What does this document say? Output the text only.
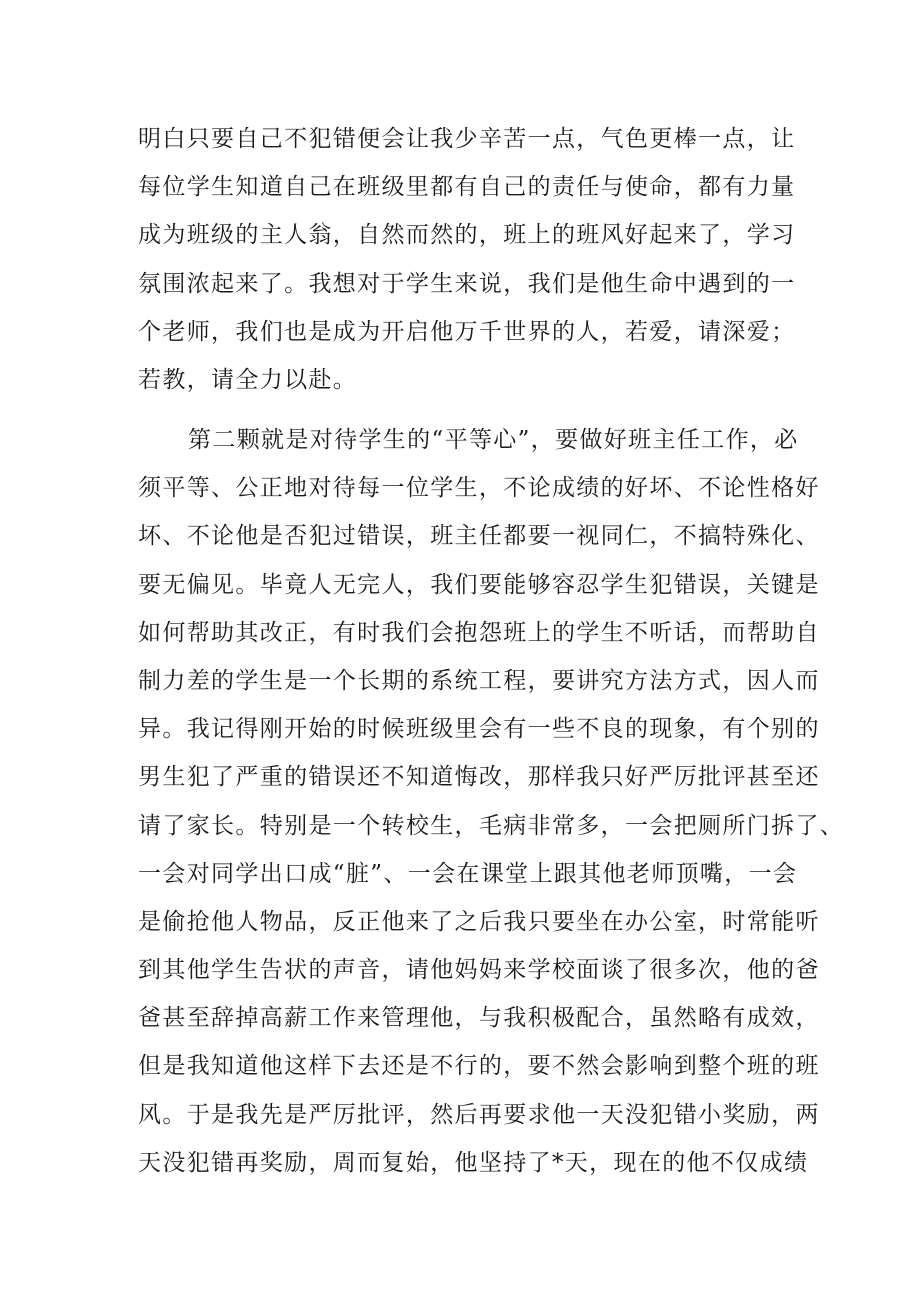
明白只要自己不犯错便会让我少辛苦一点，气色更棒一点，让
每位学生知道自己在班级里都有自己的责任与使命，都有力量
成为班级的主人翁，自然而然的，班上的班风好起来了，学习
氛围浓起来了。我想对于学生来说，我们是他生命中遇到的一
个老师，我们也是成为开启他万千世界的人，若爱，请深爱；
若教，请全力以赴。
第二颗就是对待学生的“平等心”，要做好班主任工作，必
须平等、公正地对待每一位学生，不论成绩的好坏、不论性格好
坏、不论他是否犯过错误，班主任都要一视同仁，不搞特殊化、
要无偏见。毕竟人无完人，我们要能够容忍学生犯错误，关键是
如何帮助其改正，有时我们会抱怨班上的学生不听话，而帮助自
制力差的学生是一个长期的系统工程，要讲究方法方式，因人而
异。我记得刚开始的时候班级里会有一些不良的现象，有个别的
男生犯了严重的错误还不知道悔改，那样我只好严厉批评甚至还
请了家长。特别是一个转校生，毛病非常多，一会把厕所门拆了、
一会对同学出口成“脏”、一会在课堂上跟其他老师顶嘴，一会
是偷抢他人物品，反正他来了之后我只要坐在办公室，时常能听
到其他学生告状的声音，请他妈妈来学校面谈了很多次，他的爸
爸甚至辞掉高薪工作来管理他，与我积极配合，虽然略有成效，
但是我知道他这样下去还是不行的，要不然会影响到整个班的班
风。于是我先是严厉批评，然后再要求他一天没犯错小奖励，两
天没犯错再奖励，周而复始，他坚持了*天，现在的他不仅成绩
